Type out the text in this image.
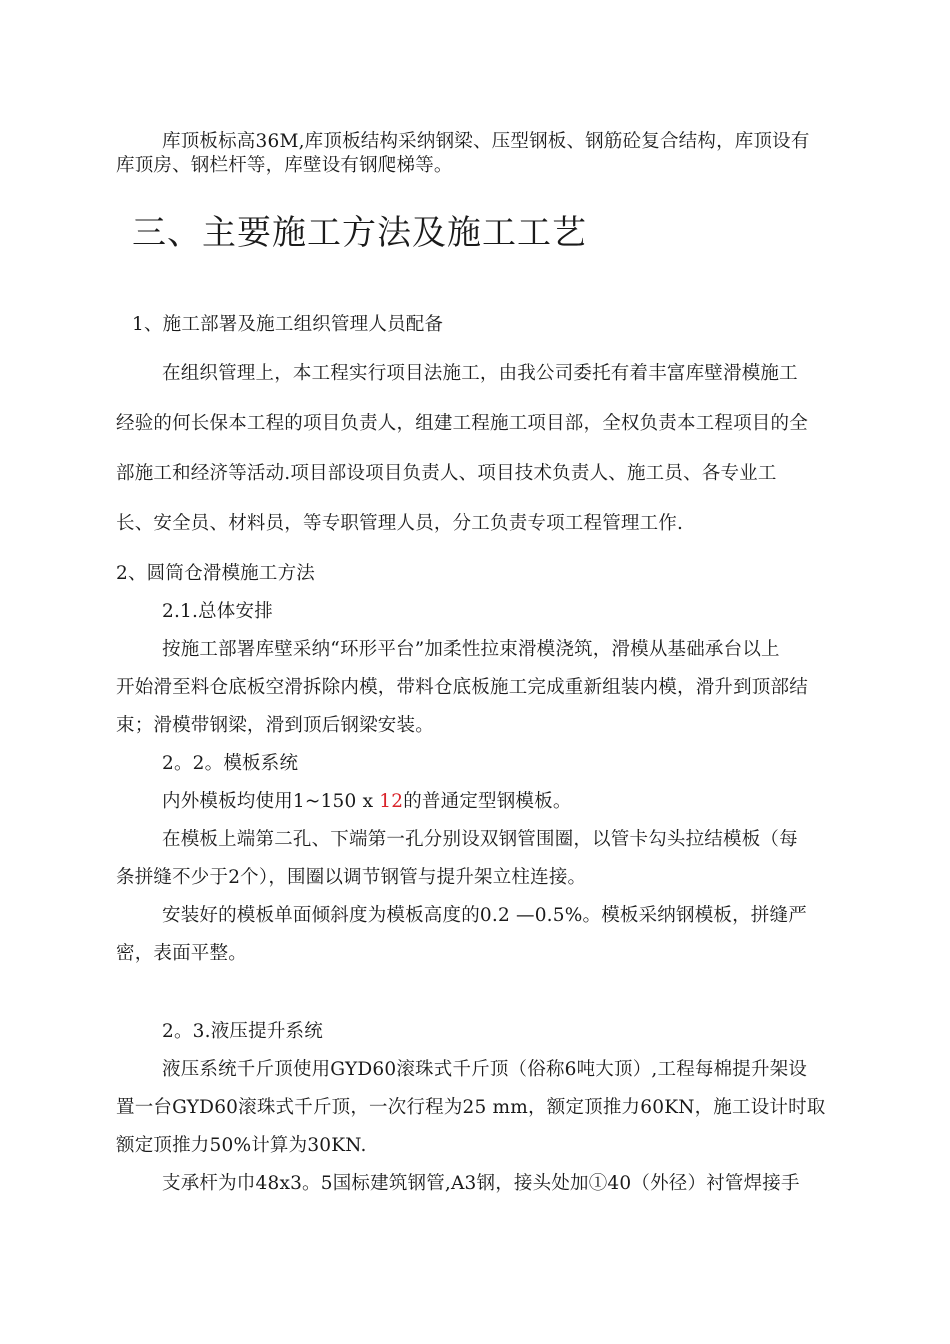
库顶板标高36M,库顶板结构采纳钢梁、压型钢板、钢筋砼复合结构，库顶设有
库顶房、钢栏杆等，库壁设有钢爬梯等。
三、主要施工方法及施工工艺
1、施工部署及施工组织管理人员配备
在组织管理上，本工程实行项目法施工，由我公司委托有着丰富库壁滑模施工
经验的何长保本工程的项目负责人，组建工程施工项目部，全权负责本工程项目的全
部施工和经济等活动.项目部设项目负责人、项目技术负责人、施工员、各专业工
长、安全员、材料员，等专职管理人员，分工负责专项工程管理工作.
2、圆筒仓滑模施工方法
2.1.总体安排
按施工部署库壁采纳“环形平台”加柔性拉束滑模浇筑，滑模从基础承台以上
开始滑至料仓底板空滑拆除内模，带料仓底板施工完成重新组装内模，滑升到顶部结
束；滑模带钢梁，滑到顶后钢梁安装。
2。2。模板系统
内外模板均使用1~150 x 12的普通定型钢模板。
在模板上端第二孔、下端第一孔分别设双钢管围圈，以管卡勾头拉结模板（每
条拼缝不少于2个），围圈以调节钢管与提升架立柱连接。
安装好的模板单面倾斜度为模板高度的0.2 —0.5%。模板采纳钢模板，拼缝严
密，表面平整。
2。3.液压提升系统
液压系统千斤顶使用GYD60滚珠式千斤顶（俗称6吨大顶）,工程每棉提升架设
置一台GYD60滚珠式千斤顶，一次行程为25 mm，额定顶推力60KN，施工设计时取
额定顶推力50%计算为30KN.
支承杆为巾48x3。5国标建筑钢管,A3钢，接头处加①40（外径）衬管焊接手
